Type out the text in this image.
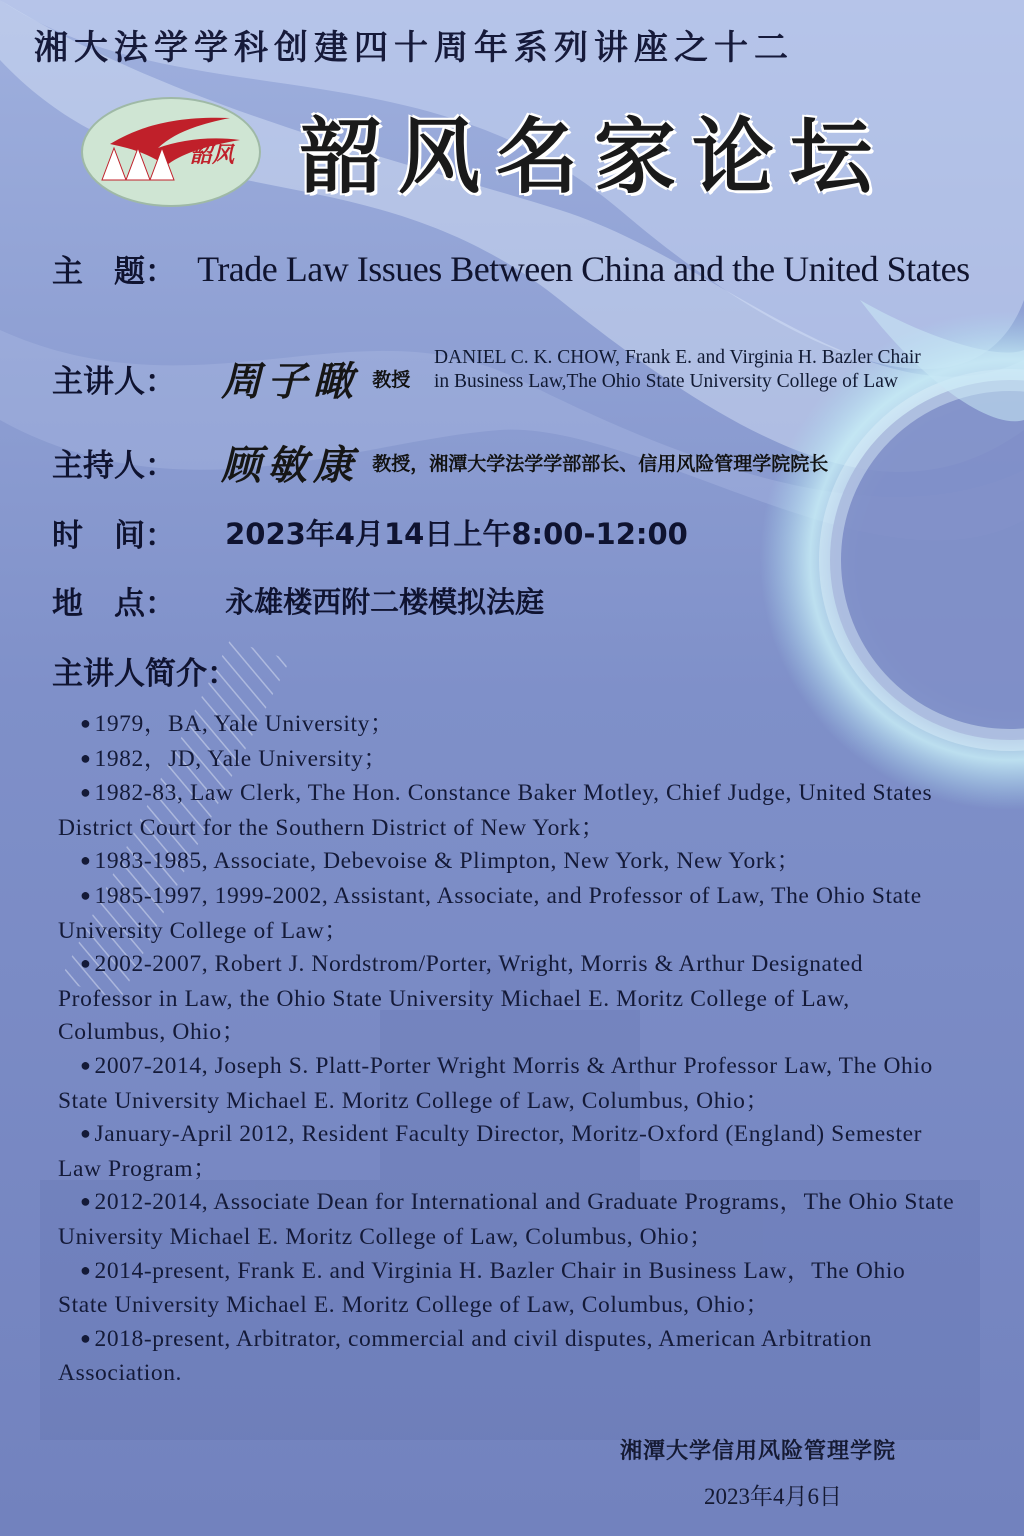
湘大法学学科创建四十周年系列讲座之十二
韶风 韶风名家论坛
主　题： Trade Law Issues Between China and the United States
主讲人： 周子瞰 教授
DANIEL C. K. CHOW, Frank E. and Virginia H. Bazler Chair
in Business Law,The Ohio State University College of Law
主持人： 顾敏康 教授，湘潭大学法学学部部长、信用风险管理学院院长
时　间： 2023年4月14日上午8:00-12:00
地　点： 永雄楼西附二楼模拟法庭
主讲人简介：
● 1979，BA, Yale University；
● 1982，JD, Yale University；
● 1982-83, Law Clerk, The Hon. Constance Baker Motley, Chief Judge, United States District Court for the Southern District of New York；
● 1983-1985, Associate, Debevoise & Plimpton, New York, New York；
● 1985-1997, 1999-2002, Assistant, Associate, and Professor of Law, The Ohio State University College of Law；
● 2002-2007, Robert J. Nordstrom/Porter, Wright, Morris & Arthur Designated Professor in Law, the Ohio State University Michael E. Moritz College of Law, Columbus, Ohio；
● 2007-2014, Joseph S. Platt-Porter Wright Morris & Arthur Professor Law, The Ohio State University Michael E. Moritz College of Law, Columbus, Ohio；
● January-April 2012, Resident Faculty Director, Moritz-Oxford (England) Semester Law Program；
● 2012-2014, Associate Dean for International and Graduate Programs，The Ohio State University Michael E. Moritz College of Law, Columbus, Ohio；
● 2014-present, Frank E. and Virginia H. Bazler Chair in Business Law，The Ohio State University Michael E. Moritz College of Law, Columbus, Ohio；
● 2018-present, Arbitrator, commercial and civil disputes, American Arbitration Association.
湘潭大学信用风险管理学院
2023年4月6日
